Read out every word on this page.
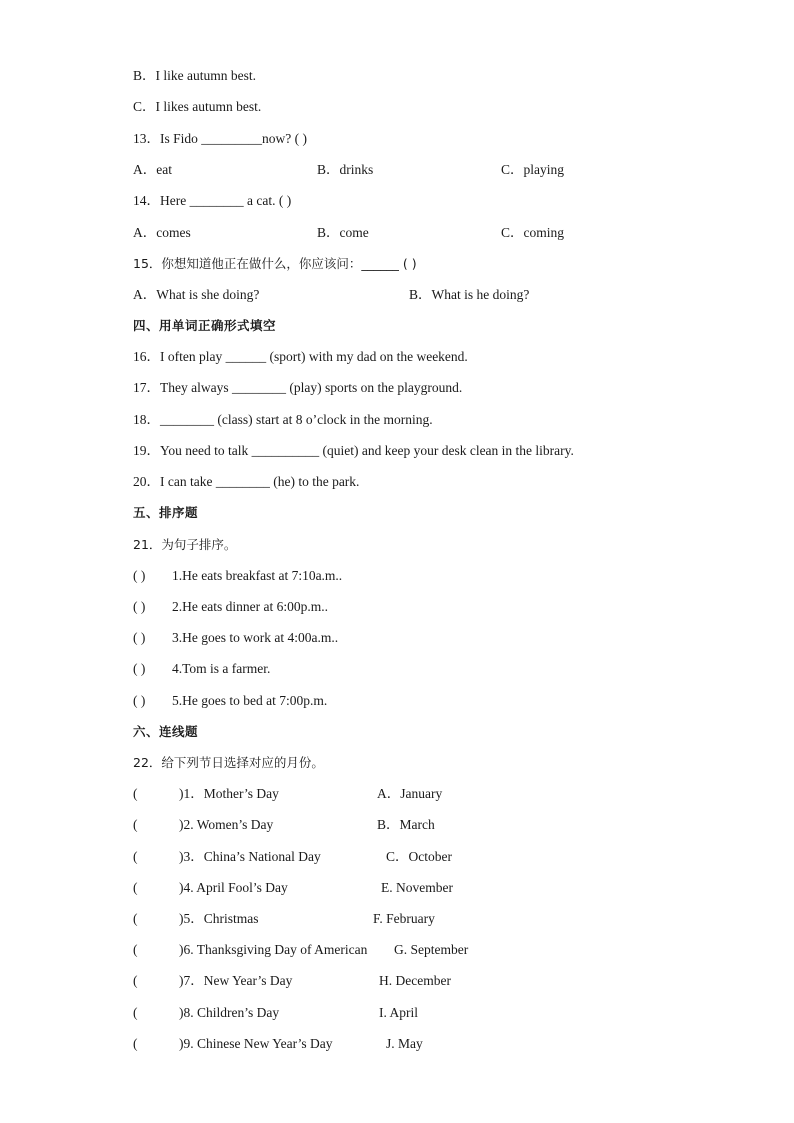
B．I like autumn best.
C．I likes autumn best.
13．Is Fido _________now? ( )
A．eat	B．drinks	C．playing
14．Here ________ a cat. ( )
A．comes	B．come	C．coming
15．你想知道他正在做什么，你应该问：______ ( )
A．What is she doing?	B．What is he doing?
四、用单词正确形式填空
16．I often play ______ (sport) with my dad on the weekend.
17．They always ________ (play) sports on the playground.
18．________ (class) start at 8 o’clock in the morning.
19．You need to talk __________ (quiet) and keep your desk clean in the library.
20．I can take ________ (he) to the park.
五、排序题
21．为句子排序。
( ) 1.He eats breakfast at 7:10a.m..
( ) 2.He eats dinner at 6:00p.m..
( ) 3.He goes to work at 4:00a.m..
( ) 4.Tom is a farmer.
( ) 5.He goes to bed at 7:00p.m.
六、连线题
22．给下列节日选择对应的月份。
(	)1．Mother’s Day	A．January
(	)2. Women’s Day	B．March
(	)3．China’s National Day	C．October
(	)4. April Fool’s Day	E. November
(	)5．Christmas	F. February
(	)6. Thanksgiving Day of American G. September
(	)7．New Year’s Day	H. December
(	)8. Children’s Day	I. April
(	)9. Chinese New Year’s Day	J. May
